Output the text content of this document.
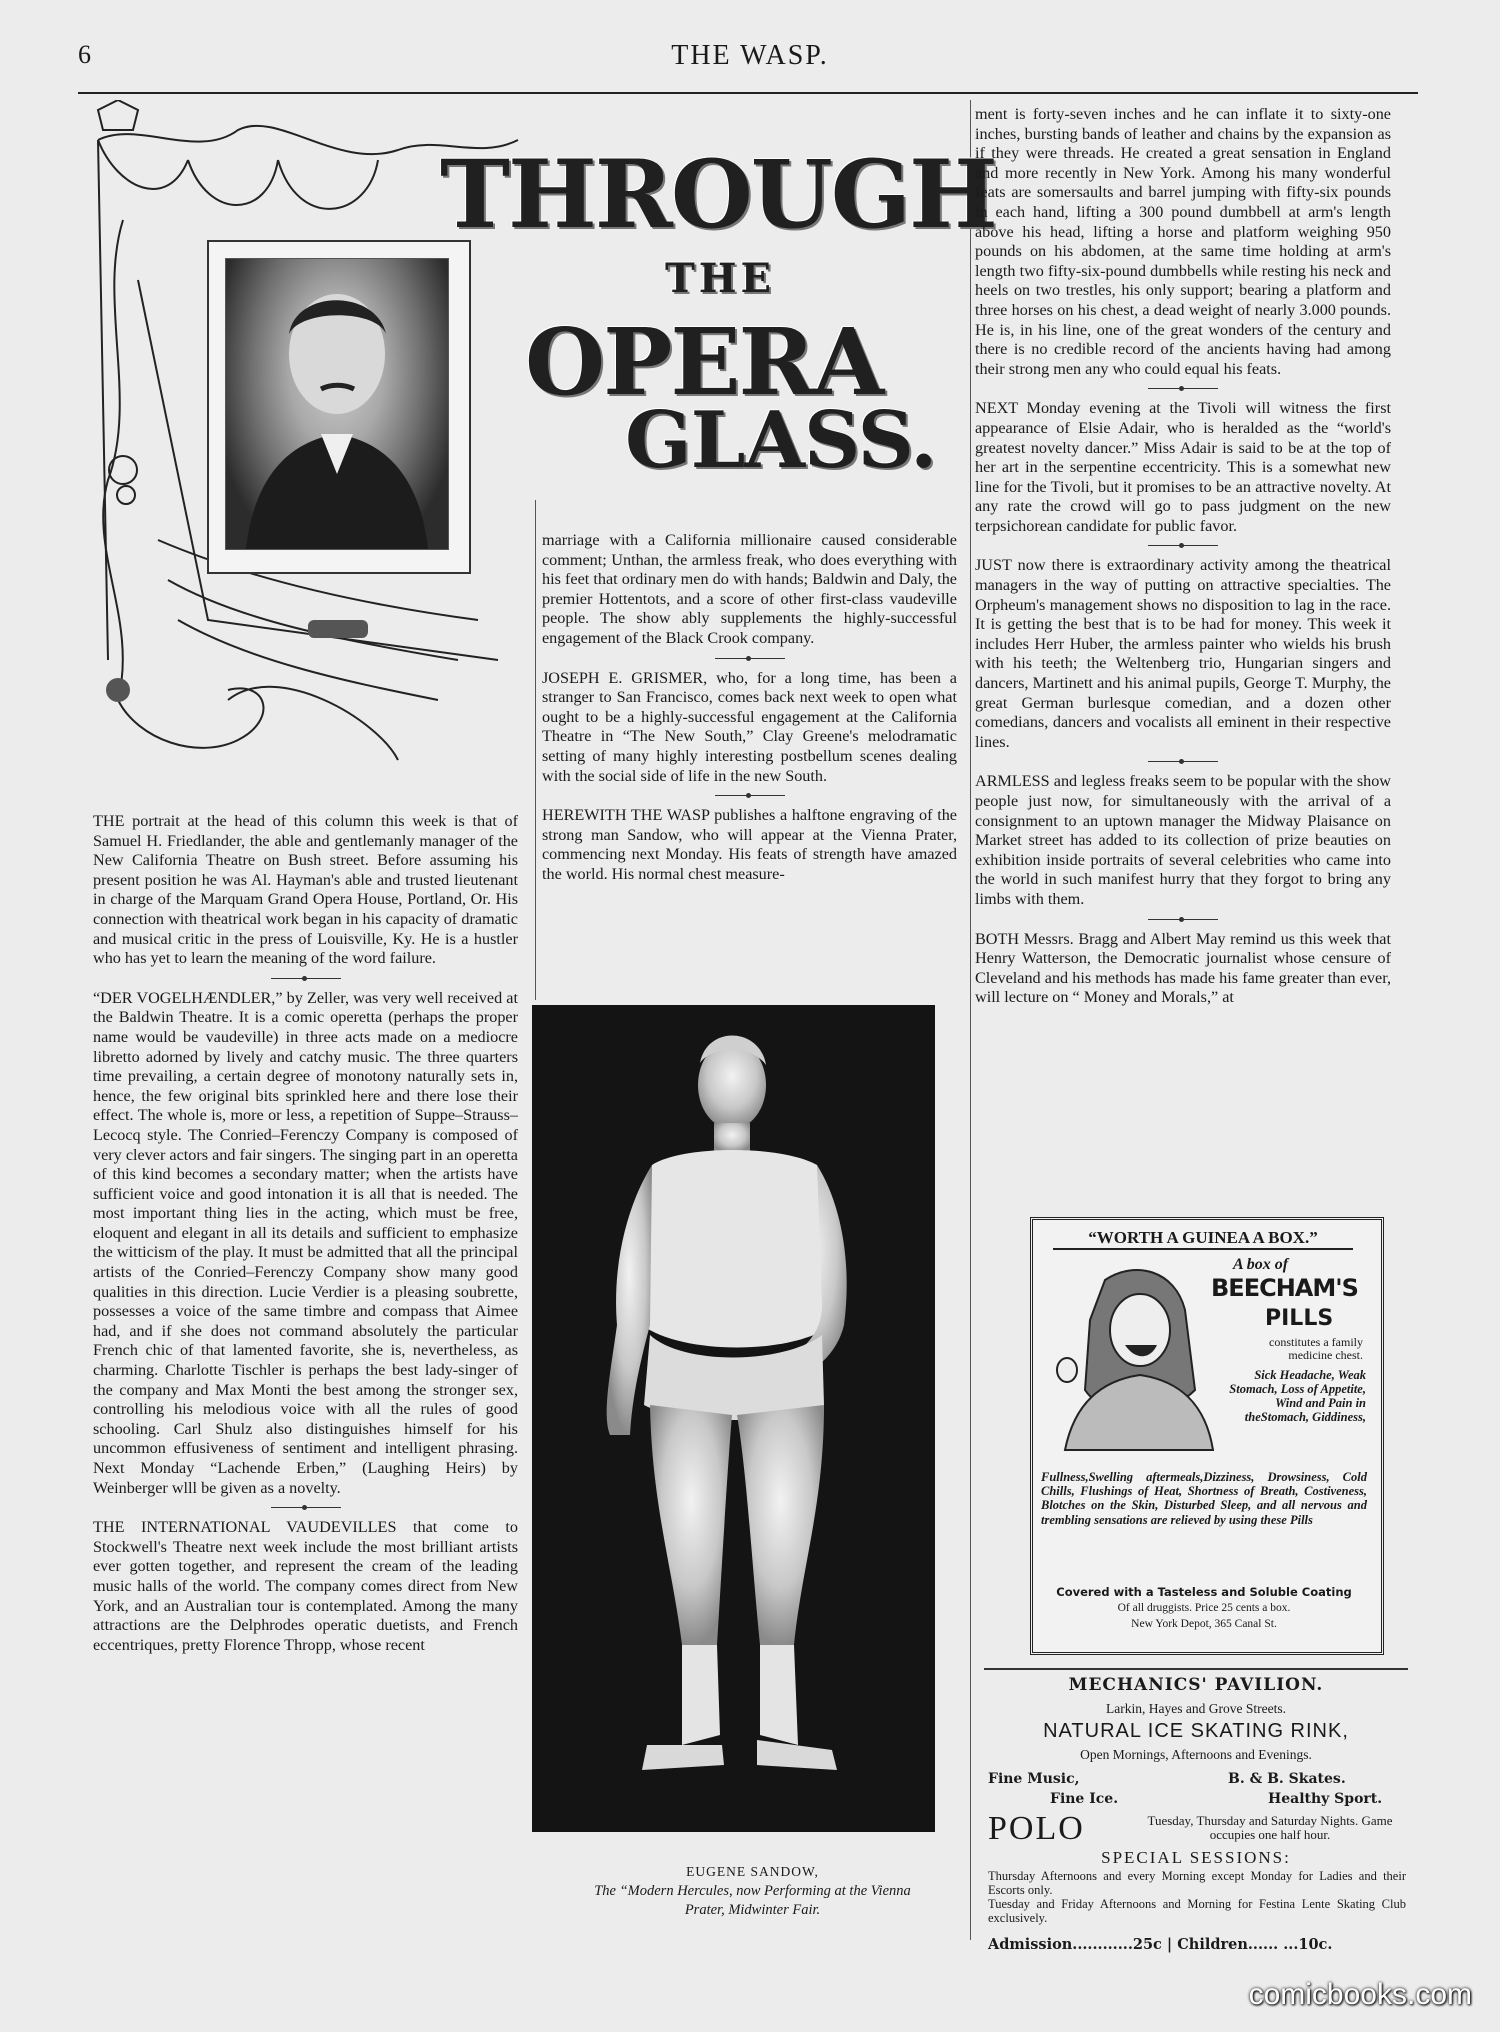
6	THE WASP.
THROUGH
THE
OPERA
GLASS.

THE portrait at the head of this column this week is that of Samuel H. Friedlander, the able and gentlemanly manager of the New California Theatre on Bush street. Before assuming his present position he was Al. Hayman's able and trusted lieutenant in charge of the Marquam Grand Opera House, Portland, Or. His connection with theatrical work began in his capacity of dramatic and musical critic in the press of Louisville, Ky. He is a hustler who has yet to learn the meaning of the word failure.

“DER VOGELHÆNDLER,” by Zeller, was very well received at the Baldwin Theatre. It is a comic operetta (perhaps the proper name would be vaudeville) in three acts made on a mediocre libretto adorned by lively and catchy music. The three quarters time prevailing, a certain degree of monotony naturally sets in, hence, the few original bits sprinkled here and there lose their effect. The whole is, more or less, a repetition of Suppe–Strauss–Lecocq style. The Conried–Ferenczy Company is composed of very clever actors and fair singers. The singing part in an operetta of this kind becomes a secondary matter; when the artists have sufficient voice and good intonation it is all that is needed. The most important thing lies in the acting, which must be free, eloquent and elegant in all its details and sufficient to emphasize the witticism of the play. It must be admitted that all the principal artists of the Conried–Ferenczy Company show many good qualities in this direction. Lucie Verdier is a pleasing soubrette, possesses a voice of the same timbre and compass that Aimee had, and if she does not command absolutely the particular French chic of that lamented favorite, she is, nevertheless, as charming. Charlotte Tischler is perhaps the best lady-singer of the company and Max Monti the best among the stronger sex, controlling his melodious voice with all the rules of good schooling. Carl Shulz also distinguishes himself for his uncommon effusiveness of sentiment and intelligent phrasing. Next Monday “Lachende Erben,” (Laughing Heirs) by Weinberger wlll be given as a novelty.

THE INTERNATIONAL VAUDEVILLES that come to Stockwell's Theatre next week include the most brilliant artists ever gotten together, and represent the cream of the leading music halls of the world. The company comes direct from New York, and an Australian tour is contemplated. Among the many attractions are the Delphrodes operatic duetists, and French eccentriques, pretty Florence Thropp, whose recent

marriage with a California millionaire caused considerable comment; Unthan, the armless freak, who does everything with his feet that ordinary men do with hands; Baldwin and Daly, the premier Hottentots, and a score of other first-class vaudeville people. The show ably supplements the highly-successful engagement of the Black Crook company.

JOSEPH E. GRISMER, who, for a long time, has been a stranger to San Francisco, comes back next week to open what ought to be a highly-successful engagement at the California Theatre in “The New South,” Clay Greene's melodramatic setting of many highly interesting postbellum scenes dealing with the social side of life in the new South.

HEREWITH THE WASP publishes a halftone engraving of the strong man Sandow, who will appear at the Vienna Prater, commencing next Monday. His feats of strength have amazed the world. His normal chest measure-

EUGENE SANDOW,
The “Modern Hercules, now Performing at the Vienna
Prater, Midwinter Fair.

ment is forty-seven inches and he can inflate it to sixty-one inches, bursting bands of leather and chains by the expansion as if they were threads. He created a great sensation in England and more recently in New York. Among his many wonderful feats are somersaults and barrel jumping with fifty-six pounds in each hand, lifting a 300 pound dumbbell at arm's length above his head, lifting a horse and platform weighing 950 pounds on his abdomen, at the same time holding at arm's length two fifty-six-pound dumbbells while resting his neck and heels on two trestles, his only support; bearing a platform and three horses on his chest, a dead weight of nearly 3.000 pounds. He is, in his line, one of the great wonders of the century and there is no credible record of the ancients having had among their strong men any who could equal his feats.

NEXT Monday evening at the Tivoli will witness the first appearance of Elsie Adair, who is heralded as the “world's greatest novelty dancer.” Miss Adair is said to be at the top of her art in the serpentine eccentricity. This is a somewhat new line for the Tivoli, but it promises to be an attractive novelty. At any rate the crowd will go to pass judgment on the new terpsichorean candidate for public favor.

JUST now there is extraordinary activity among the theatrical managers in the way of putting on attractive specialties. The Orpheum's management shows no disposition to lag in the race. It is getting the best that is to be had for money. This week it includes Herr Huber, the armless painter who wields his brush with his teeth; the Weltenberg trio, Hungarian singers and dancers, Martinett and his animal pupils, George T. Murphy, the great German burlesque comedian, and a dozen other comedians, dancers and vocalists all eminent in their respective lines.

ARMLESS and legless freaks seem to be popular with the show people just now, for simultaneously with the arrival of a consignment to an uptown manager the Midway Plaisance on Market street has added to its collection of prize beauties on exhibition inside portraits of several celebrities who came into the world in such manifest hurry that they forgot to bring any limbs with them.

BOTH Messrs. Bragg and Albert May remind us this week that Henry Watterson, the Democratic journalist whose censure of Cleveland and his methods has made his fame greater than ever, will lecture on “ Money and Morals,” at

“WORTH A GUINEA A BOX.”
A box of
BEECHAM'S
PILLS
constitutes a family medicine chest.
Sick Headache, Weak Stomach, Loss of Appetite, Wind and Pain in theStomach, Giddiness,
Fullness,Swelling aftermeals,Dizziness, Drowsiness, Cold Chills, Flushings of Heat, Shortness of Breath, Costiveness, Blotches on the Skin, Disturbed Sleep, and all nervous and trembling sensations are relieved by using these Pills
Covered with a Tasteless and Soluble Coating
Of all druggists. Price 25 cents a box.
New York Depot, 365 Canal St.
MECHANICS' PAVILION.
Larkin, Hayes and Grove Streets.
NATURAL ICE SKATING RINK,
Open Mornings, Afternoons and Evenings.
Fine Music,	B. & B. Skates.
Fine Ice.	Healthy Sport.
POLO	Tuesday, Thursday and Saturday Nights. Game occupies one half hour.
SPECIAL SESSIONS:
Thursday Afternoons and every Morning except Monday for Ladies and their Escorts only.
Tuesday and Friday Afternoons and Morning for Festina Lente Skating Club exclusively.
Admission............25c | Children...... ...10c.
comicbooks.com
